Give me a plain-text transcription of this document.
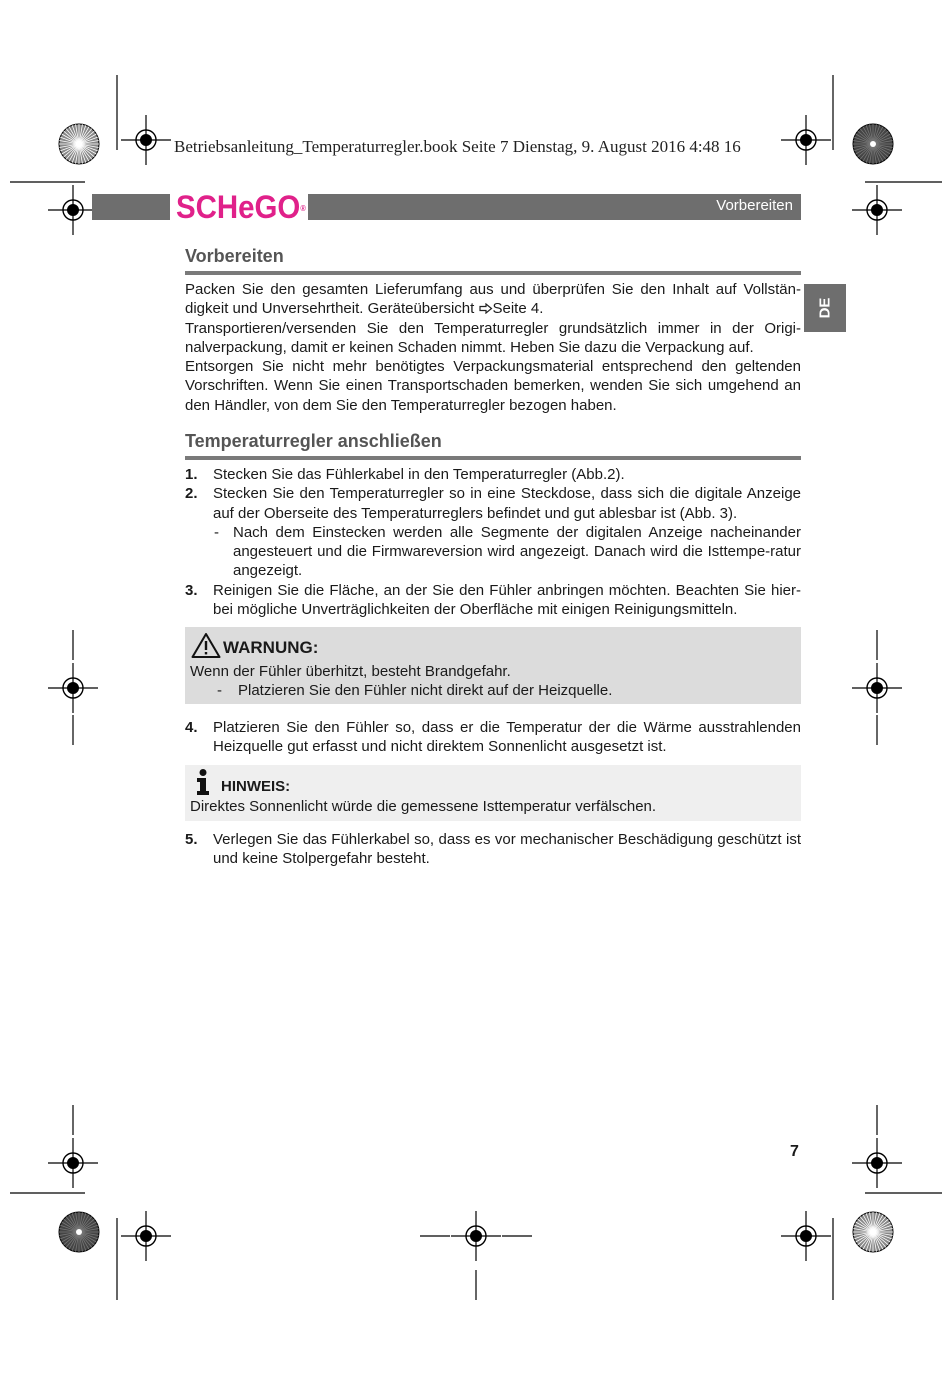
Betriebsanleitung_Temperaturregler.book Seite 7 Dienstag, 9. August 2016 4:48 16
SCHeGO®	Vorbereiten
DE
Vorbereiten

Packen Sie den gesamten Lieferumfang aus und überprüfen Sie den Inhalt auf Vollstän-digkeit und Unversehrtheit. Geräteübersicht Seite 4.

Transportieren/versenden Sie den Temperaturregler grundsätzlich immer in der Origi-nalverpackung, damit er keinen Schaden nimmt. Heben Sie dazu die Verpackung auf.

Entsorgen Sie nicht mehr benötigtes Verpackungsmaterial entsprechend den geltenden Vorschriften. Wenn Sie einen Transportschaden bemerken, wenden Sie sich umgehend an den Händler, von dem Sie den Temperaturregler bezogen haben.

Temperaturregler anschließen
1. Stecken Sie das Fühlerkabel in den Temperaturregler (Abb.2).
2. Stecken Sie den Temperaturregler so in eine Steckdose, dass sich die digitale Anzeige auf der Oberseite des Temperaturreglers befindet und gut ablesbar ist (Abb. 3).
- Nach dem Einstecken werden alle Segmente der digitalen Anzeige nacheinander angesteuert und die Firmwareversion wird angezeigt. Danach wird die Isttempe-ratur angezeigt.
3. Reinigen Sie die Fläche, an der Sie den Fühler anbringen möchten. Beachten Sie hier-bei mögliche Unverträglichkeiten der Oberfläche mit einigen Reinigungsmitteln.
WARNUNG:
Wenn der Fühler überhitzt, besteht Brandgefahr.
- Platzieren Sie den Fühler nicht direkt auf der Heizquelle.
4. Platzieren Sie den Fühler so, dass er die Temperatur der die Wärme ausstrahlenden Heizquelle gut erfasst und nicht direktem Sonnenlicht ausgesetzt ist.
HINWEIS:
Direktes Sonnenlicht würde die gemessene Isttemperatur verfälschen.
5. Verlegen Sie das Fühlerkabel so, dass es vor mechanischer Beschädigung geschützt ist und keine Stolpergefahr besteht.
7
